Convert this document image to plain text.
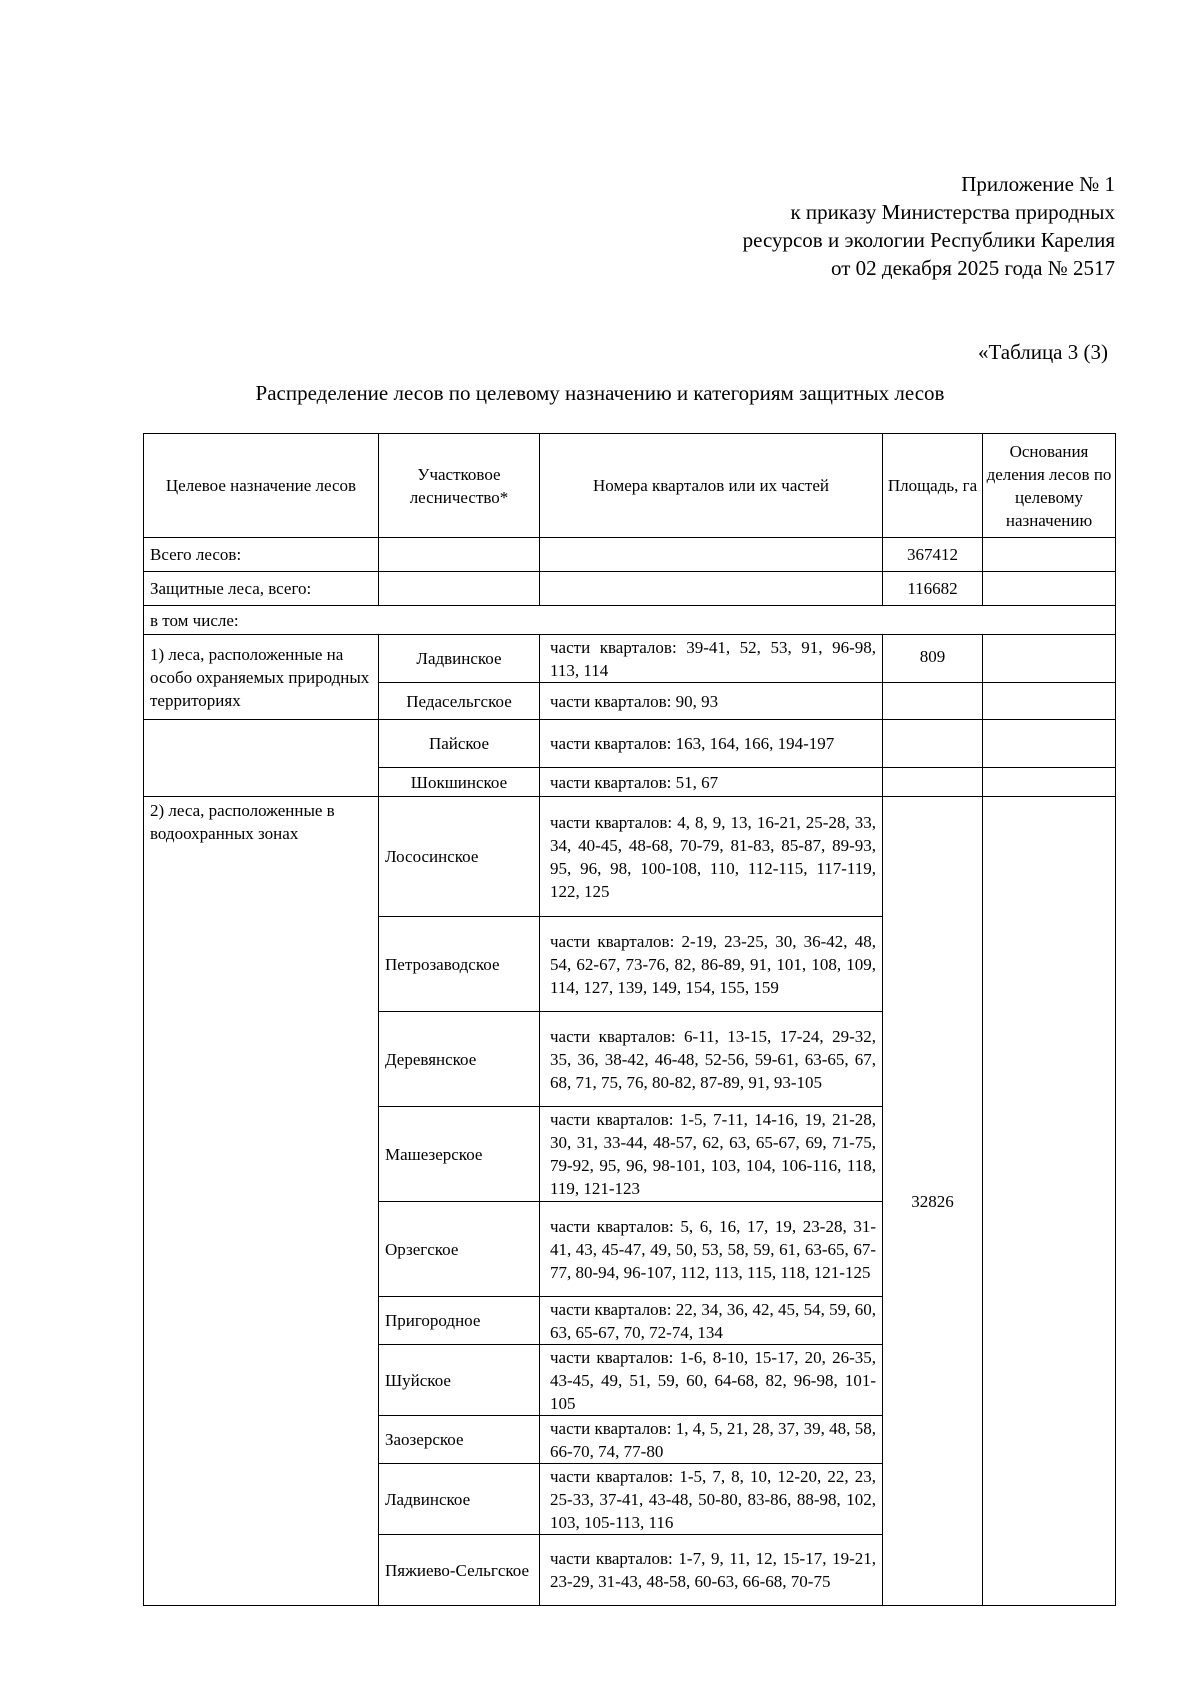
Приложение № 1
к приказу Министерства природных
ресурсов и экологии Республики Карелия
от 02 декабря 2025 года № 2517
«Таблица 3 (3)
Распределение лесов по целевому назначению и категориям защитных лесов
Целевое назначение лесов	Участковое лесничество*	Номера кварталов или их частей	Площадь, га	Основания деления лесов по целевому назначению
Всего лесов:			367412	
Защитные леса, всего:			116682	
в том числе:				
1) леса, расположенные на особо охраняемых природных территориях	Ладвинское	части кварталов: 39-41, 52, 53, 91, 96-98, 113, 114	809	
	Педасельгское	части кварталов: 90, 93		
	Пайское	части кварталов: 163, 164, 166, 194-197		
	Шокшинское	части кварталов: 51, 67		
2) леса, расположенные в водоохранных зонах	Лососинское	части кварталов: 4, 8, 9, 13, 16-21, 25-28, 33, 34, 40-45, 48-68, 70-79, 81-83, 85-87, 89-93, 95, 96, 98, 100-108, 110, 112-115, 117-119, 122, 125	32826	
	Петрозаводское	части кварталов: 2-19, 23-25, 30, 36-42, 48, 54, 62-67, 73-76, 82, 86-89, 91, 101, 108, 109, 114, 127, 139, 149, 154, 155, 159		
	Деревянское	части кварталов: 6-11, 13-15, 17-24, 29-32, 35, 36, 38-42, 46-48, 52-56, 59-61, 63-65, 67, 68, 71, 75, 76, 80-82, 87-89, 91, 93-105		
	Машезерское	части кварталов: 1-5, 7-11, 14-16, 19, 21-28, 30, 31, 33-44, 48-57, 62, 63, 65-67, 69, 71-75, 79-92, 95, 96, 98-101, 103, 104, 106-116, 118, 119, 121-123		
	Орзегское	части кварталов: 5, 6, 16, 17, 19, 23-28, 31-41, 43, 45-47, 49, 50, 53, 58, 59, 61, 63-65, 67-77, 80-94, 96-107, 112, 113, 115, 118, 121-125		
	Пригородное	части кварталов: 22, 34, 36, 42, 45, 54, 59, 60, 63, 65-67, 70, 72-74, 134		
	Шуйское	части кварталов: 1-6, 8-10, 15-17, 20, 26-35, 43-45, 49, 51, 59, 60, 64-68, 82, 96-98, 101-105		
	Заозерское	части кварталов: 1, 4, 5, 21, 28, 37, 39, 48, 58, 66-70, 74, 77-80		
	Ладвинское	части кварталов: 1-5, 7, 8, 10, 12-20, 22, 23, 25-33, 37-41, 43-48, 50-80, 83-86, 88-98, 102, 103, 105-113, 116		
	Пяжиево-Сельгское	части кварталов: 1-7, 9, 11, 12, 15-17, 19-21, 23-29, 31-43, 48-58, 60-63, 66-68, 70-75		
